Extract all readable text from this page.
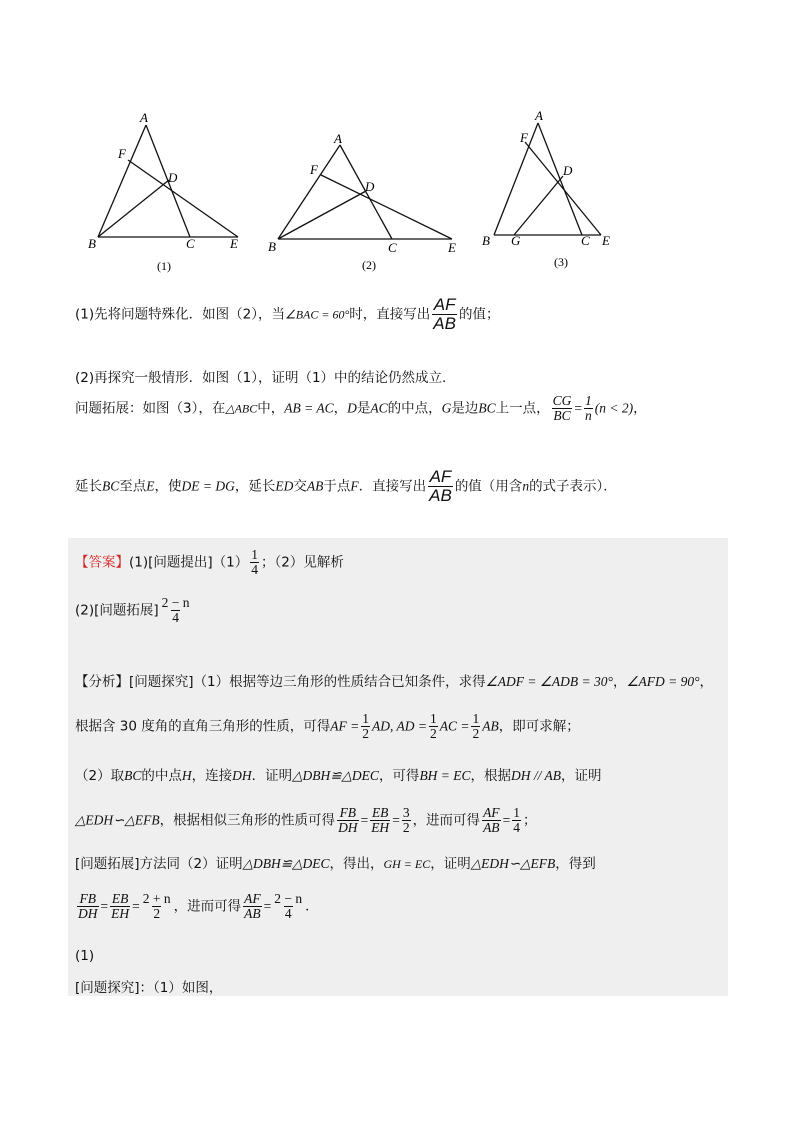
A
F
D
B	C	E
(1)
A
F
D
B	C	E
(2)
A
F
D
B G	C E
(3)
(1)先将问题特殊化．如图（2），当∠BAC = 60°时，直接写出 $\frac{AF}{AB}$ 的值；
(2)再探究一般情形．如图（1），证明（1）中的结论仍然成立．
问题拓展：如图（3），在△ABC中，AB = AC，D是AC的中点，G是边BC上一点， $\frac{CG}{BC} = \frac{1}{n} (n < 2)$，
延长BC至点E，使DE = DG，延长ED交AB于点F．直接写出 $\frac{AF}{AB}$ 的值（用含n的式子表示）．
【答案】(1)[问题提出]$(1) \frac{1}{4}$ ；（2）见解析
(2)[问题拓展] $\frac{2 - n}{4}$
【分析】[问题探究]（1）根据等边三角形的性质结合已知条件，求得∠ADF = ∠ADB = 30°，∠AFD = 90°，
根据含 30 度角的直角三角形的性质，可得AF = $\frac{1}{2}$ AD, AD = $\frac{1}{2}$ AC = $\frac{1}{2}$ AB，即可求解；
（2）取BC的中点H，连接DH．证明△DBH≌△DEC，可得BH = EC，根据DH // AB，证明
△EDH∽△EFB，根据相似三角形的性质可得 $\frac{FB}{DH} = \frac{EB}{EH} = \frac{3}{2}$ ，进而可得 $\frac{AF}{AB} = \frac{1}{4}$ ；
[问题拓展]方法同（2）证明△DBH≌△DEC，得出，GH = EC，证明△EDH∽△EFB，得到
$\frac{FB}{DH} = \frac{EB}{EH} = \frac{2 + n}{2}$ ，进而可得 $\frac{AF}{AB} = \frac{2 - n}{4}$ ．
(1)
[问题探究]：（1）如图，
